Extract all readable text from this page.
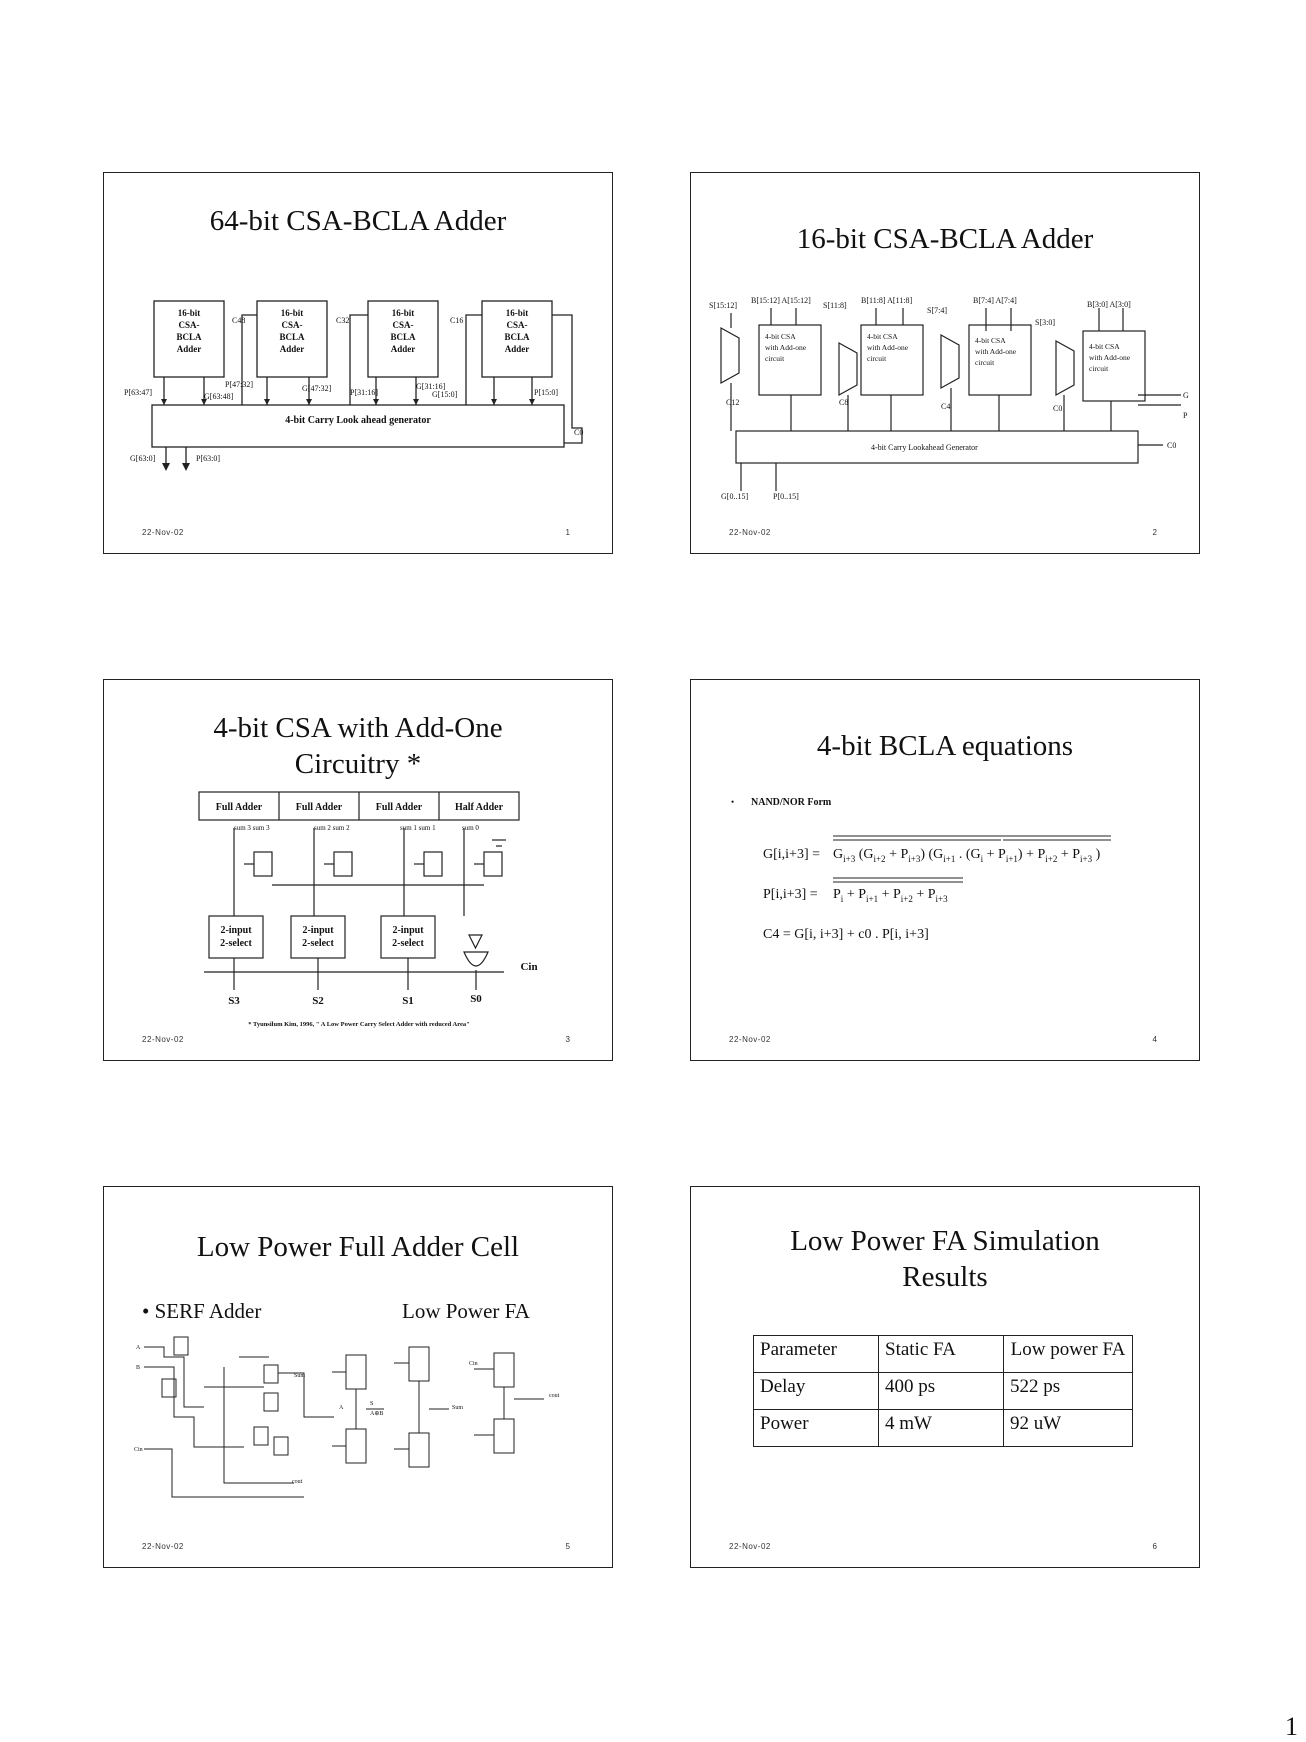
64-bit CSA-BCLA Adder
16-bit
CSA-
BCLA
Adder
16-bit
CSA-
BCLA
Adder
16-bit
CSA-
BCLA
Adder
16-bit
CSA-
BCLA
Adder
4-bit Carry Look ahead generator
C48	C32	C16
C0
P[63:47]	G[63:48]
P[47:32]	G[47:32] P[31:16]
G[31:16]
G[15:0]	P[15:0]
G[63:0]	P[63:0]
22-Nov-02	1
16-bit CSA-BCLA Adder
4-bit CSA
with Add-one
circuit
4-bit CSA
with Add-one
circuit
4-bit CSA
with Add-one
circuit
4-bit CSA
with Add-one
circuit
4-bit Carry Lookahead Generator
S[15:12]
B[15:12] A[15:12]
S[11:8]
B[11:8] A[11:8]
S[7:4]
B[7:4] A[7:4]
S[3:0]
B[3:0] A[3:0]
C12	C8	C4	C0
G
P
C0
G[0..15]	P[0..15]
22-Nov-02	2
4-bit CSA with Add-One Circuitry *
Full Adder	Full Adder	Full Adder	Half Adder
2-input
2-select
2-input
2-select
2-input
2-select
sum 3 sum 3	sum 2 sum 2	sum 1 sum 1	sum 0
S3	S2	S1	S0
Cin
* Tyunsilum Kim, 1996, " A Low Power Carry Select Adder with reduced Area"
22-Nov-02	3
4-bit BCLA equations
• NAND/NOR Form
$G[i,i+3] = G_{i+3}$ $(G_{i+2} + P_{i+3})$ ($G_{i+1}$ . $(G_i + P_{i+1}) + P_{i+2} + P_{i+3}$ )
$P[i,i+3] = P_i + P_{i+1} + P_{i+2} + P_{i+3}$
C4 = G[i, i+3] + c0 . P[i, i+3]
22-Nov-02	4
Low Power Full Adder Cell
• SERF Adder	Low Power FA
A
B
Cin
Sum
cout
A
S
A⊕B
Sum
Cin
cout
22-Nov-02	5
Low Power FA Simulation Results
Parameter	Static FA	Low power FA
Delay	400 ps	522 ps
Power	4 mW	92 uW
22-Nov-02	6
1
